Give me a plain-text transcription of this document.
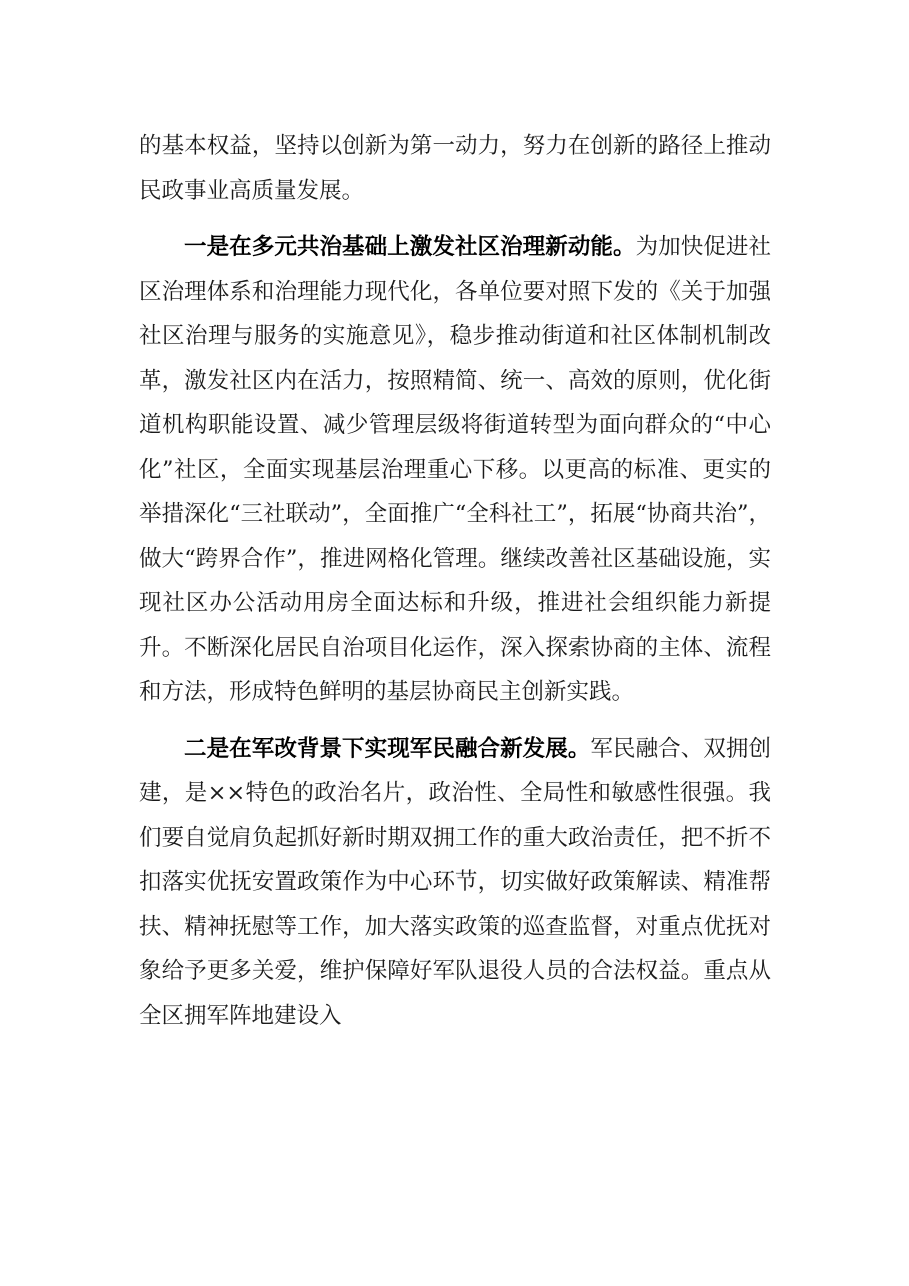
的基本权益，坚持以创新为第一动力，努力在创新的路径上推动民政事业高质量发展。

一是在多元共治基础上激发社区治理新动能。为加快促进社区治理体系和治理能力现代化，各单位要对照下发的《关于加强社区治理与服务的实施意见》，稳步推动街道和社区体制机制改革，激发社区内在活力，按照精简、统一、高效的原则，优化街道机构职能设置、减少管理层级将街道转型为面向群众的“中心化”社区，全面实现基层治理重心下移。以更高的标准、更实的举措深化“三社联动”，全面推广“全科社工”，拓展“协商共治”，做大“跨界合作”，推进网格化管理。继续改善社区基础设施，实现社区办公活动用房全面达标和升级，推进社会组织能力新提升。不断深化居民自治项目化运作，深入探索协商的主体、流程和方法，形成特色鲜明的基层协商民主创新实践。

二是在军改背景下实现军民融合新发展。军民融合、双拥创建，是××特色的政治名片，政治性、全局性和敏感性很强。我们要自觉肩负起抓好新时期双拥工作的重大政治责任，把不折不扣落实优抚安置政策作为中心环节，切实做好政策解读、精准帮扶、精神抚慰等工作，加大落实政策的巡查监督，对重点优抚对象给予更多关爱，维护保障好军队退役人员的合法权益。重点从全区拥军阵地建设入
